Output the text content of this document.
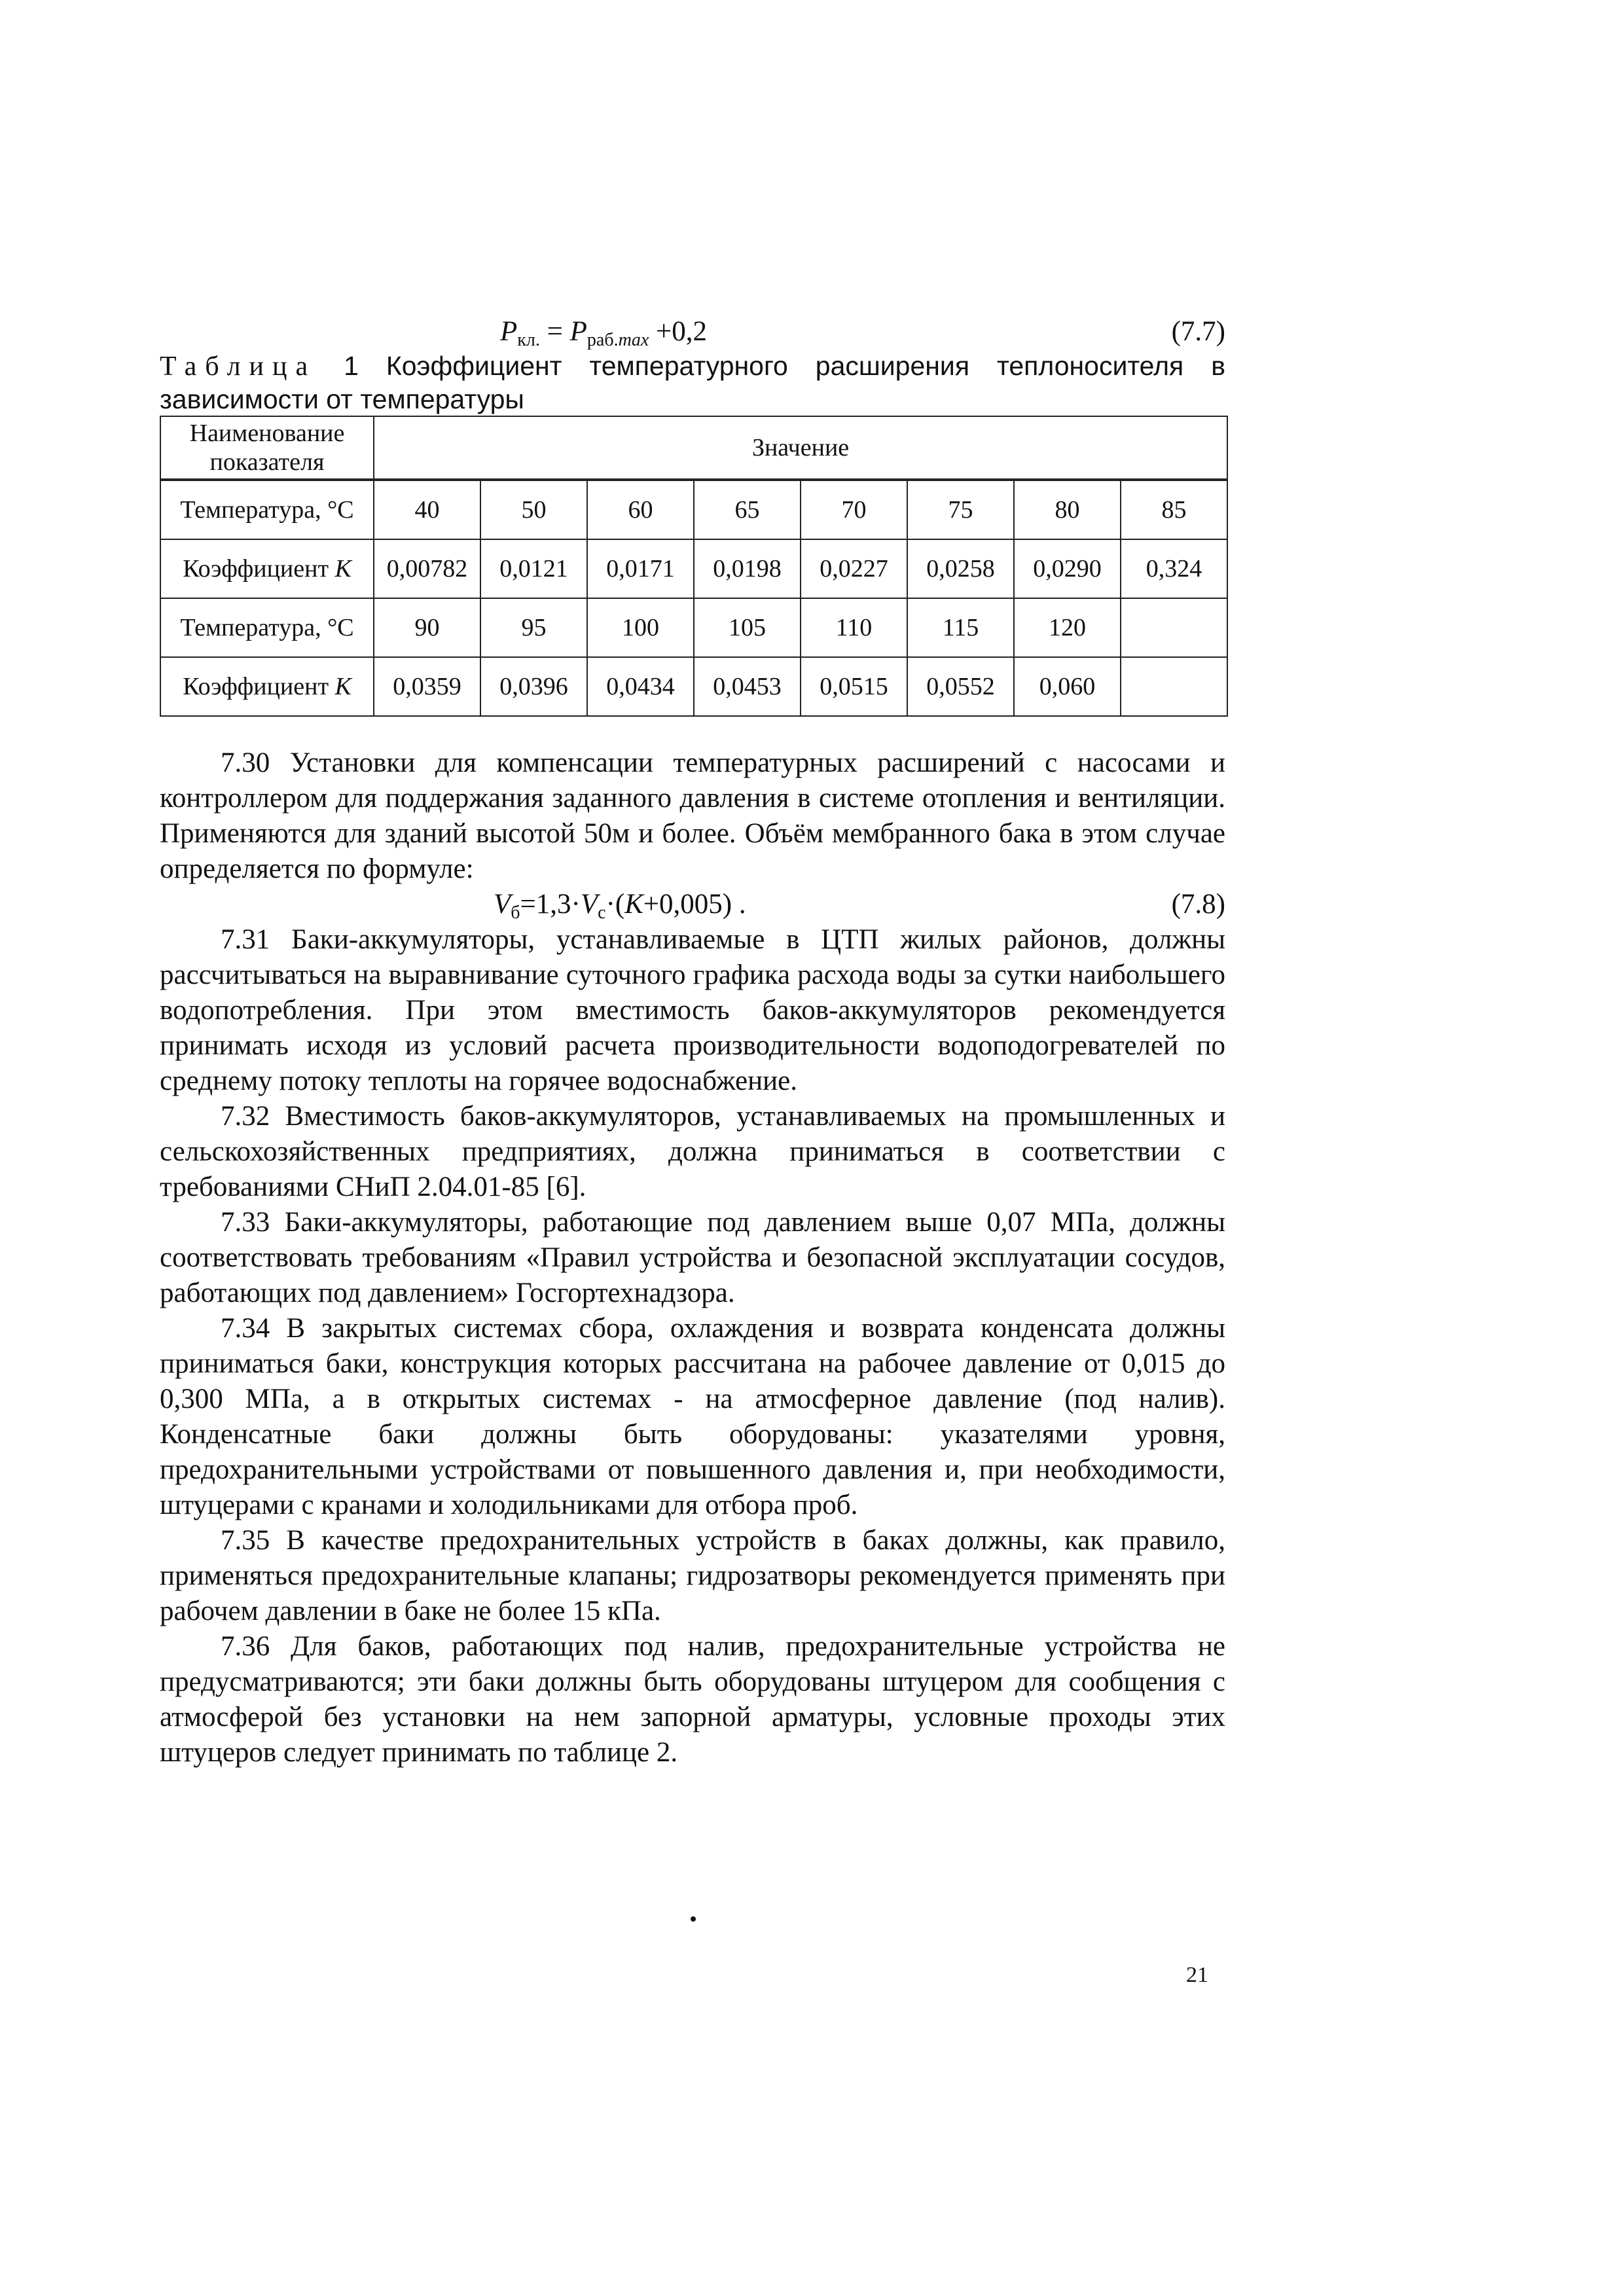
$P_{кл.} = P_{раб.}\max +0,2$	(7.7)
Таблица 1 Коэффициент температурного расширения теплоносителя в зависимости от температуры
Наименование показателя	Значение							
Температура, °С	40	50	60	65	70	75	80	85
Коэффициент К	0,00782	0,0121	0,0171	0,0198	0,0227	0,0258	0,0290	0,324
Температура, °С	90	95	100	105	110	115	120	
Коэффициент К	0,0359	0,0396	0,0434	0,0453	0,0515	0,0552	0,060	

7.30 Установки для компенсации температурных расширений с насосами и контроллером для поддержания заданного давления в системе отопления и вентиляции. Применяются для зданий высотой 50м и более. Объём мембранного бака в этом случае определяется по формуле:

$V_б=1,3\cdot V_с\cdot(К+0,005)$ .	(7.8)

7.31 Баки-аккумуляторы, устанавливаемые в ЦТП жилых районов, должны рассчитываться на выравнивание суточного графика расхода воды за сутки наибольшего водопотребления. При этом вместимость баков-аккумуляторов рекомендуется принимать исходя из условий расчета производительности водоподогревателей по среднему потоку теплоты на горячее водоснабжение.

7.32 Вместимость баков-аккумуляторов, устанавливаемых на промышленных и сельскохозяйственных предприятиях, должна приниматься в соответствии с требованиями СНиП 2.04.01-85 [6].

7.33 Баки-аккумуляторы, работающие под давлением выше 0,07 МПа, должны соответствовать требованиям «Правил устройства и безопасной эксплуатации сосудов, работающих под давлением» Госгортехнадзора.

7.34 В закрытых системах сбора, охлаждения и возврата конденсата должны приниматься баки, конструкция которых рассчитана на рабочее давление от 0,015 до 0,300 МПа, а в открытых системах - на атмосферное давление (под налив). Конденсатные баки должны быть оборудованы: указателями уровня, предохранительными устройствами от повышенного давления и, при необходимости, штуцерами с кранами и холодильниками для отбора проб.

7.35 В качестве предохранительных устройств в баках должны, как правило, применяться предохранительные клапаны; гидрозатворы рекомендуется применять при рабочем давлении в баке не более 15 кПа.

7.36 Для баков, работающих под налив, предохранительные устройства не предусматриваются; эти баки должны быть оборудованы штуцером для сообщения с атмосферой без установки на нем запорной арматуры, условные проходы этих штуцеров следует принимать по таблице 2.

21
